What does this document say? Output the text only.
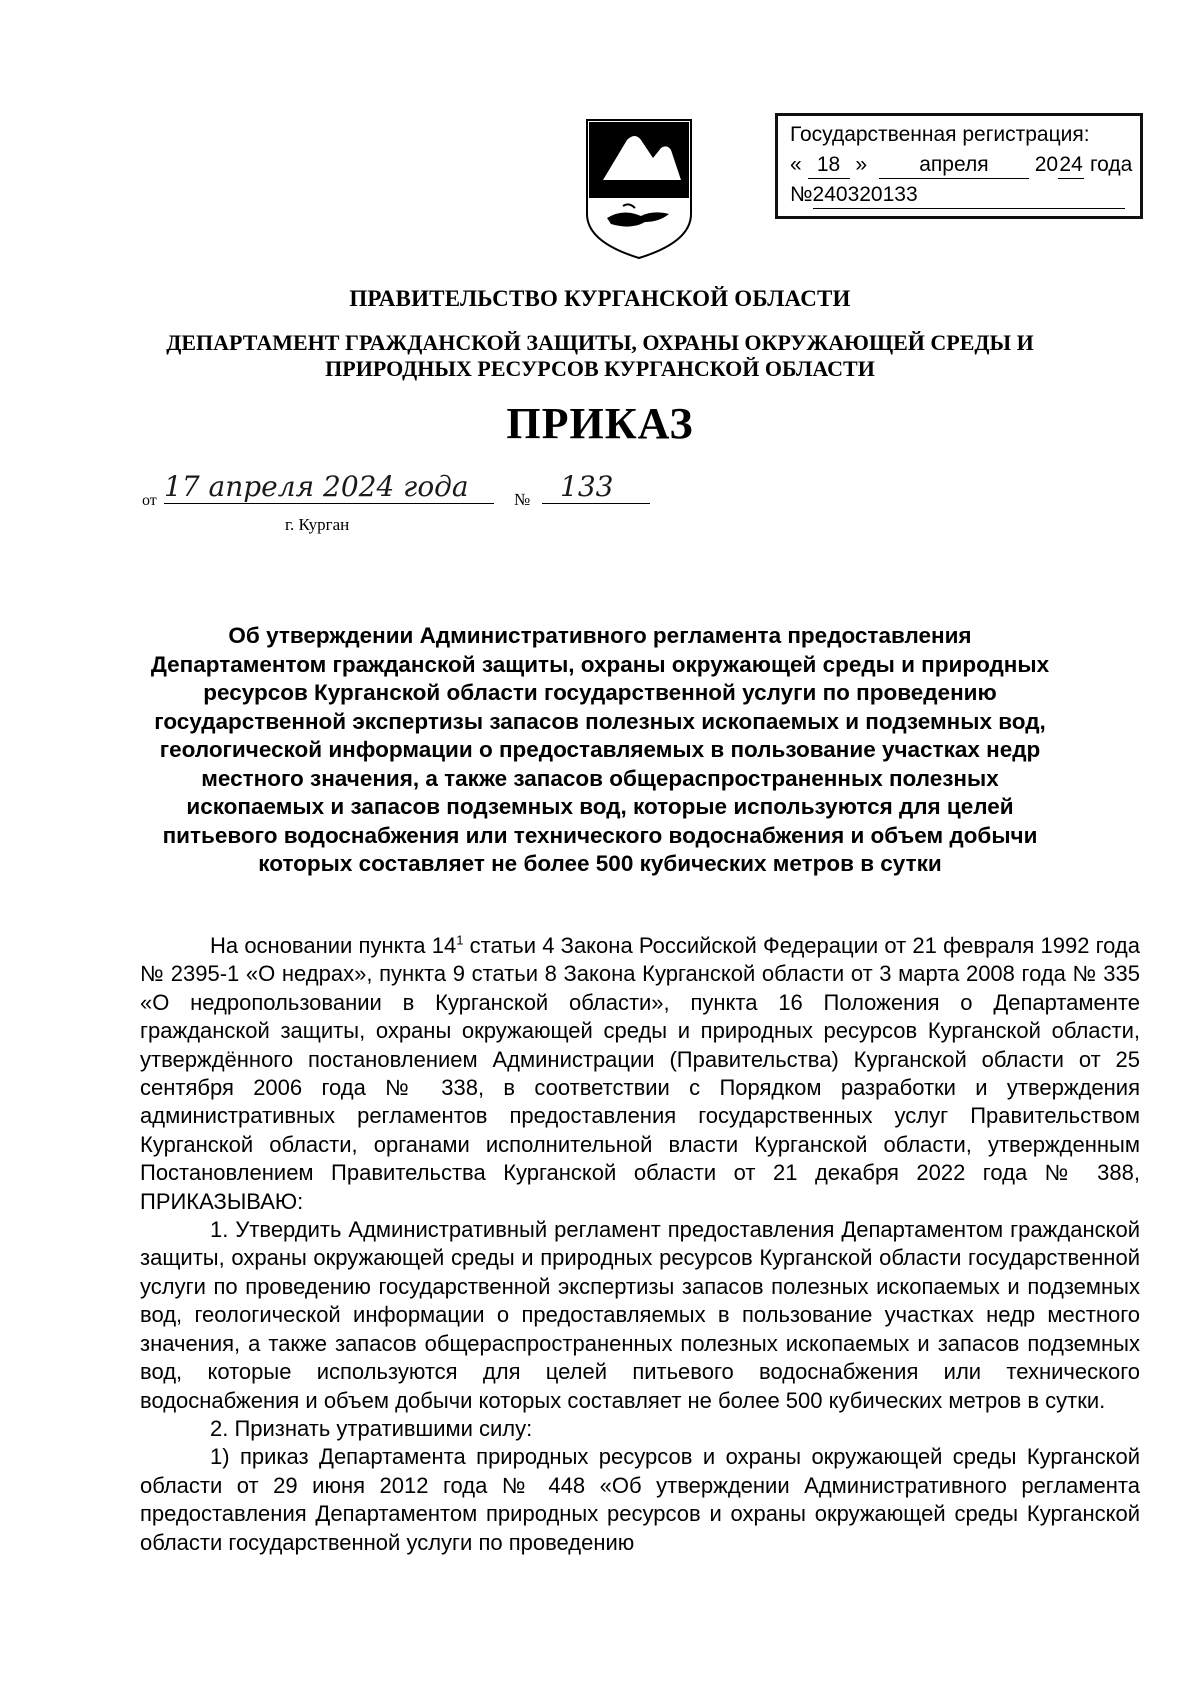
Государственная регистрация:
« 18 » апреля 2024 года
№240320133
ПРАВИТЕЛЬСТВО КУРГАНСКОЙ ОБЛАСТИ
ДЕПАРТАМЕНТ ГРАЖДАНСКОЙ ЗАЩИТЫ, ОХРАНЫ ОКРУЖАЮЩЕЙ СРЕДЫ И
ПРИРОДНЫХ РЕСУРСОВ КУРГАНСКОЙ ОБЛАСТИ
ПРИКАЗ
от 17 апреля 2024 года	№	133
г. Курган
Об утверждении Административного регламента предоставления Департаментом гражданской защиты, охраны окружающей среды и природных ресурсов Курганской области государственной услуги по проведению государственной экспертизы запасов полезных ископаемых и подземных вод, геологической информации о предоставляемых в пользование участках недр местного значения, а также запасов общераспространенных полезных ископаемых и запасов подземных вод, которые используются для целей питьевого водоснабжения или технического водоснабжения и объем добычи которых составляет не более 500 кубических метров в сутки

На основании пункта $14^1$ статьи 4 Закона Российской Федерации от 21 февраля 1992 года № 2395-1 «О недрах», пункта 9 статьи 8 Закона Курганской области от 3 марта 2008 года № 335 «О недропользовании в Курганской области», пункта 16 Положения о Департаменте гражданской защиты, охраны окружающей среды и природных ресурсов Курганской области, утверждённого постановлением Администрации (Правительства) Курганской области от 25 сентября 2006 года № 338, в соответствии с Порядком разработки и утверждения административных регламентов предоставления государственных услуг Правительством Курганской области, органами исполнительной власти Курганской области, утвержденным Постановлением Правительства Курганской области от 21 декабря 2022 года № 388, ПРИКАЗЫВАЮ:

1. Утвердить Административный регламент предоставления Департаментом гражданской защиты, охраны окружающей среды и природных ресурсов Курганской области государственной услуги по проведению государственной экспертизы запасов полезных ископаемых и подземных вод, геологической информации о предоставляемых в пользование участках недр местного значения, а также запасов общераспространенных полезных ископаемых и запасов подземных вод, которые используются для целей питьевого водоснабжения или технического водоснабжения и объем добычи которых составляет не более 500 кубических метров в сутки.

2. Признать утратившими силу:

1) приказ Департамента природных ресурсов и охраны окружающей среды Курганской области от 29 июня 2012 года № 448 «Об утверждении Административного регламента предоставления Департаментом природных ресурсов и охраны окружающей среды Курганской области государственной услуги по проведению
